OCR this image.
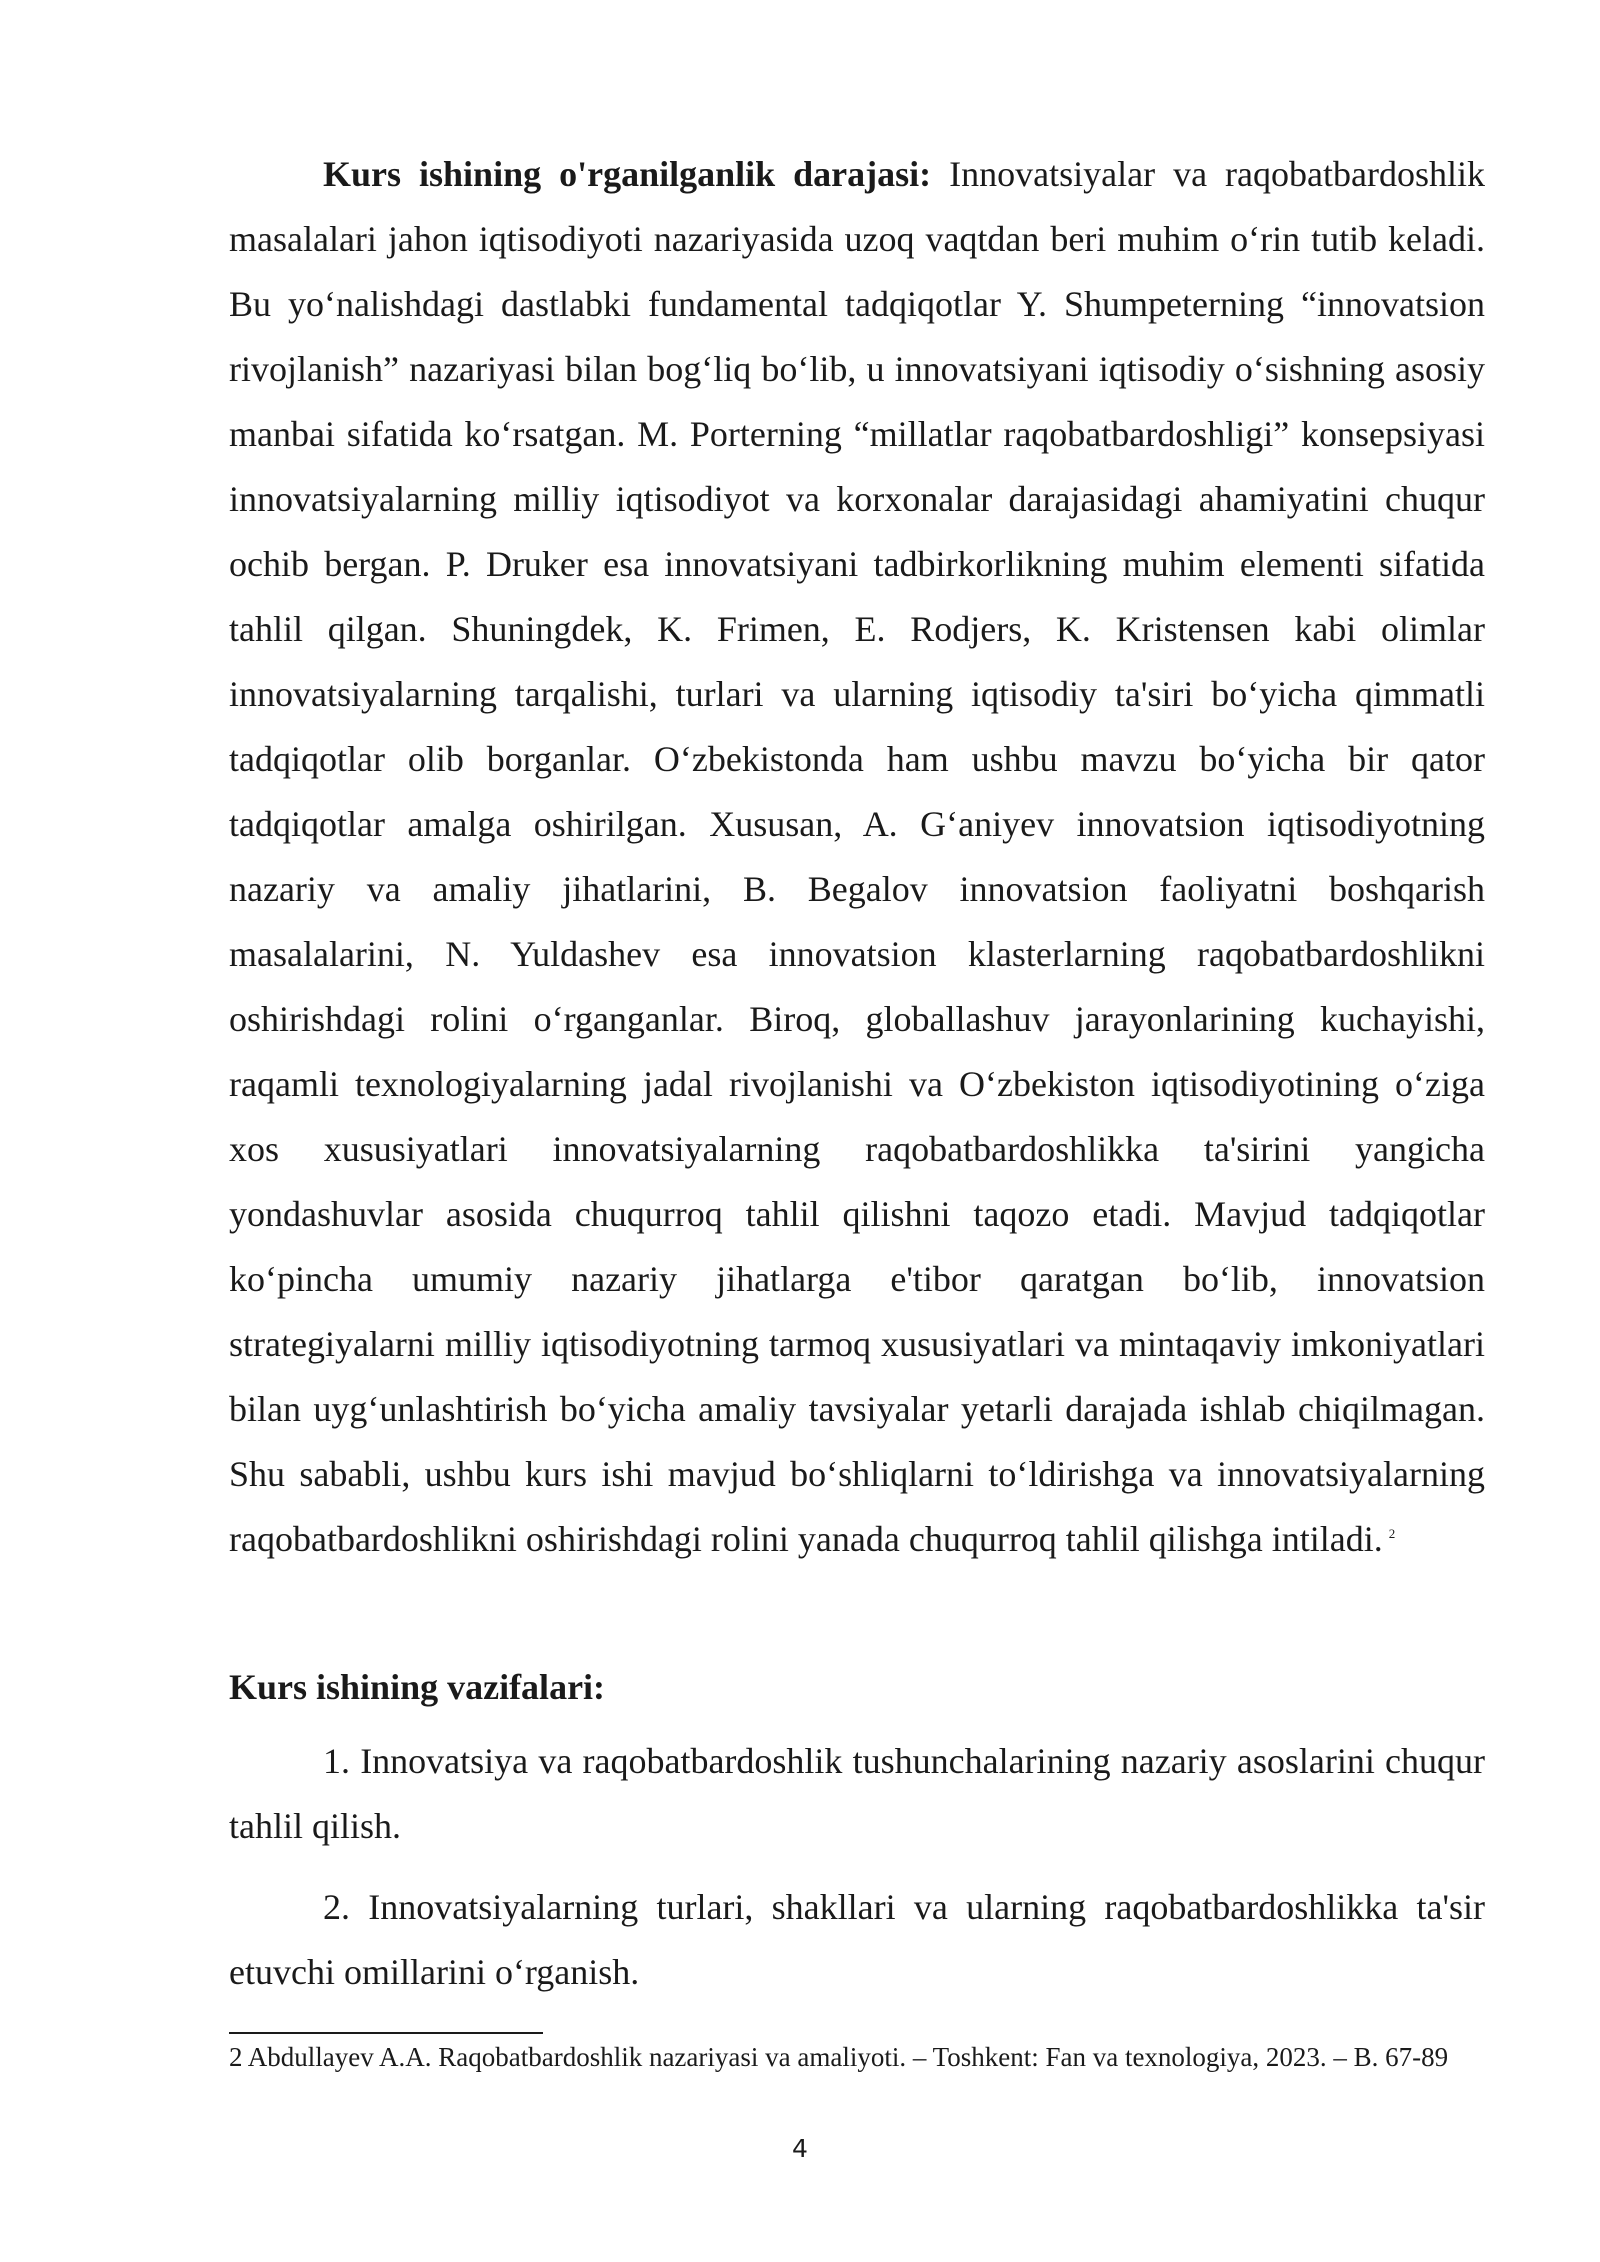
Kurs ishining o'rganilganlik darajasi: Innovatsiyalar va raqobatbardoshlik masalalari jahon iqtisodiyoti nazariyasida uzoq vaqtdan beri muhim o‘rin tutib keladi. Bu yo‘nalishdagi dastlabki fundamental tadqiqotlar Y. Shumpeterning “innovatsion rivojlanish” nazariyasi bilan bog‘liq bo‘lib, u innovatsiyani iqtisodiy o‘sishning asosiy manbai sifatida ko‘rsatgan. M. Porterning “millatlar raqobatbardoshligi” konsepsiyasi innovatsiyalarning milliy iqtisodiyot va korxonalar darajasidagi ahamiyatini chuqur ochib bergan. P. Druker esa innovatsiyani tadbirkorlikning muhim elementi sifatida tahlil qilgan. Shuningdek, K. Frimen, E. Rodjers, K. Kristensen kabi olimlar innovatsiyalarning tarqalishi, turlari va ularning iqtisodiy ta'siri bo‘yicha qimmatli tadqiqotlar olib borganlar. O‘zbekistonda ham ushbu mavzu bo‘yicha bir qator tadqiqotlar amalga oshirilgan. Xususan, A. G‘aniyev innovatsion iqtisodiyotning nazariy va amaliy jihatlarini, B. Begalov innovatsion faoliyatni boshqarish masalalarini, N. Yuldashev esa innovatsion klasterlarning raqobatbardoshlikni oshirishdagi rolini o‘rganganlar. Biroq, globallashuv jarayonlarining kuchayishi, raqamli texnologiyalarning jadal rivojlanishi va O‘zbekiston iqtisodiyotining o‘ziga xos xususiyatlari innovatsiyalarning raqobatbardoshlikka ta'sirini yangicha yondashuvlar asosida chuqurroq tahlil qilishni taqozo etadi. Mavjud tadqiqotlar ko‘pincha umumiy nazariy jihatlarga e'tibor qaratgan bo‘lib, innovatsion strategiyalarni milliy iqtisodiyotning tarmoq xususiyatlari va mintaqaviy imkoniyatlari bilan uyg‘unlashtirish bo‘yicha amaliy tavsiyalar yetarli darajada ishlab chiqilmagan. Shu sababli, ushbu kurs ishi mavjud bo‘shliqlarni to‘ldirishga va innovatsiyalarning raqobatbardoshlikni oshirishdagi rolini yanada chuqurroq tahlil qilishga intiladi. $^2$

Kurs ishining vazifalari:

1. Innovatsiya va raqobatbardoshlik tushunchalarining nazariy asoslarini chuqur tahlil qilish.

2. Innovatsiyalarning turlari, shakllari va ularning raqobatbardoshlikka ta'sir etuvchi omillarini o‘rganish.

2 Abdullayev A.A. Raqobatbardoshlik nazariyasi va amaliyoti. – Toshkent: Fan va texnologiya, 2023. – B. 67-89
4
